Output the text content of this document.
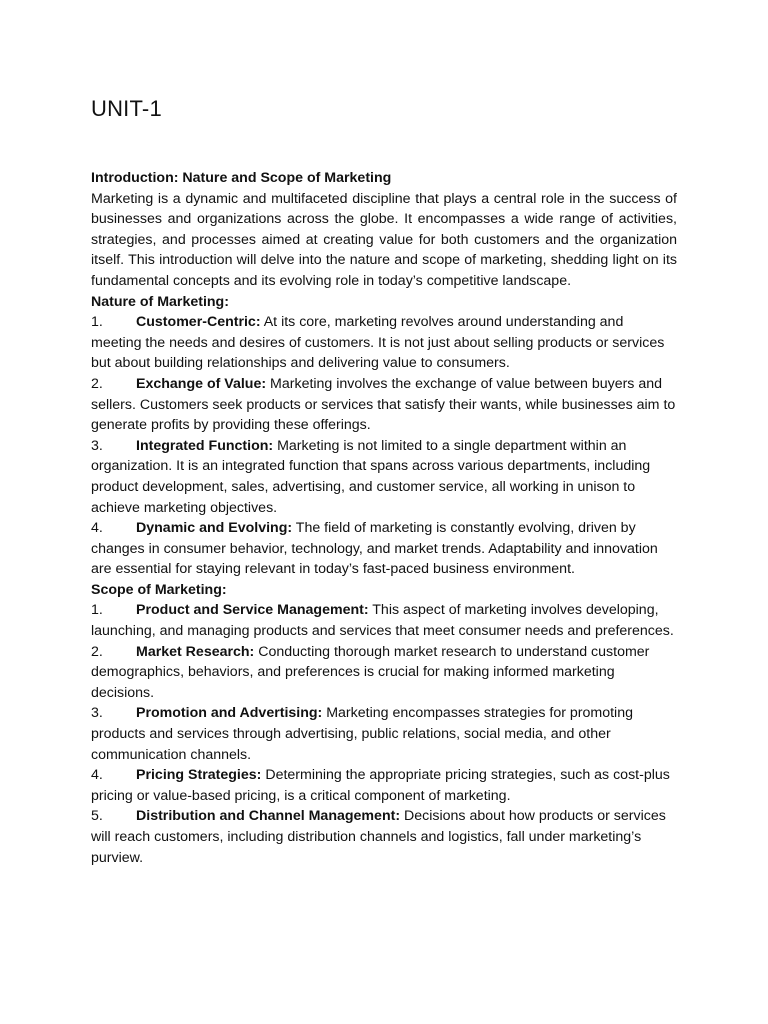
UNIT-1

Introduction: Nature and Scope of Marketing

Marketing is a dynamic and multifaceted discipline that plays a central role in the success of businesses and organizations across the globe. It encompasses a wide range of activities, strategies, and processes aimed at creating value for both customers and the organization itself. This introduction will delve into the nature and scope of marketing, shedding light on its fundamental concepts and its evolving role in today’s competitive landscape.

Nature of Marketing:

1. Customer-Centric: At its core, marketing revolves around understanding and meeting the needs and desires of customers. It is not just about selling products or services but about building relationships and delivering value to consumers.

2. Exchange of Value: Marketing involves the exchange of value between buyers and sellers. Customers seek products or services that satisfy their wants, while businesses aim to generate profits by providing these offerings.

3. Integrated Function: Marketing is not limited to a single department within an organization. It is an integrated function that spans across various departments, including product development, sales, advertising, and customer service, all working in unison to achieve marketing objectives.

4. Dynamic and Evolving: The field of marketing is constantly evolving, driven by changes in consumer behavior, technology, and market trends. Adaptability and innovation are essential for staying relevant in today’s fast-paced business environment.

Scope of Marketing:

1. Product and Service Management: This aspect of marketing involves developing, launching, and managing products and services that meet consumer needs and preferences.

2. Market Research: Conducting thorough market research to understand customer demographics, behaviors, and preferences is crucial for making informed marketing decisions.

3. Promotion and Advertising: Marketing encompasses strategies for promoting products and services through advertising, public relations, social media, and other communication channels.

4. Pricing Strategies: Determining the appropriate pricing strategies, such as cost-plus pricing or value-based pricing, is a critical component of marketing.

5. Distribution and Channel Management: Decisions about how products or services will reach customers, including distribution channels and logistics, fall under marketing’s purview.
